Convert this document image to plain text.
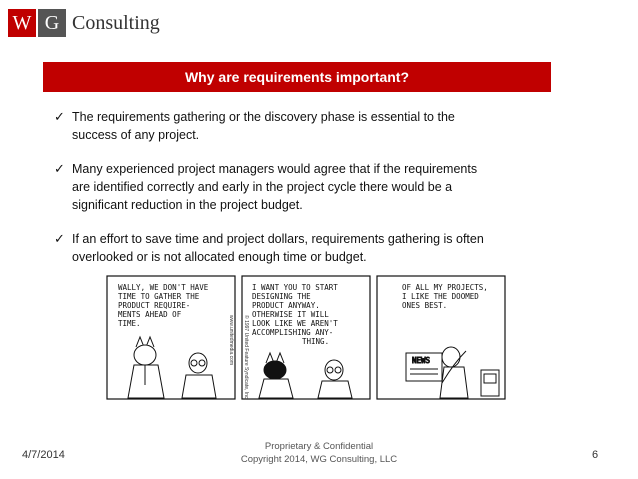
W G Consulting
Why are requirements important?
✓ The requirements gathering or the discovery phase is essential to the success of any project.
✓ Many experienced project managers would agree that if the requirements are identified correctly and early in the project cycle there would be a significant reduction in the project budget.
✓ If an effort to save time and project dollars, requirements gathering is often overlooked or is not allocated enough time or budget.
WALLY, WE DON'T HAVE
TIME TO GATHER THE
PRODUCT REQUIRE-
MENTS AHEAD OF
TIME.	www.unitedmedia.com
I WANT YOU TO START
DESIGNING THE
PRODUCT ANYWAY.
OTHERWISE IT WILL
LOOK LIKE WE AREN'T
ACCOMPLISHING ANY-
THING.
© 1997 United Feature Syndicate, Inc.
OF ALL MY PROJECTS,
I LIKE THE DOOMED
ONES BEST.
NEWS
4/7/2014
Proprietary & Confidential
Copyright 2014, WG Consulting, LLC	6
